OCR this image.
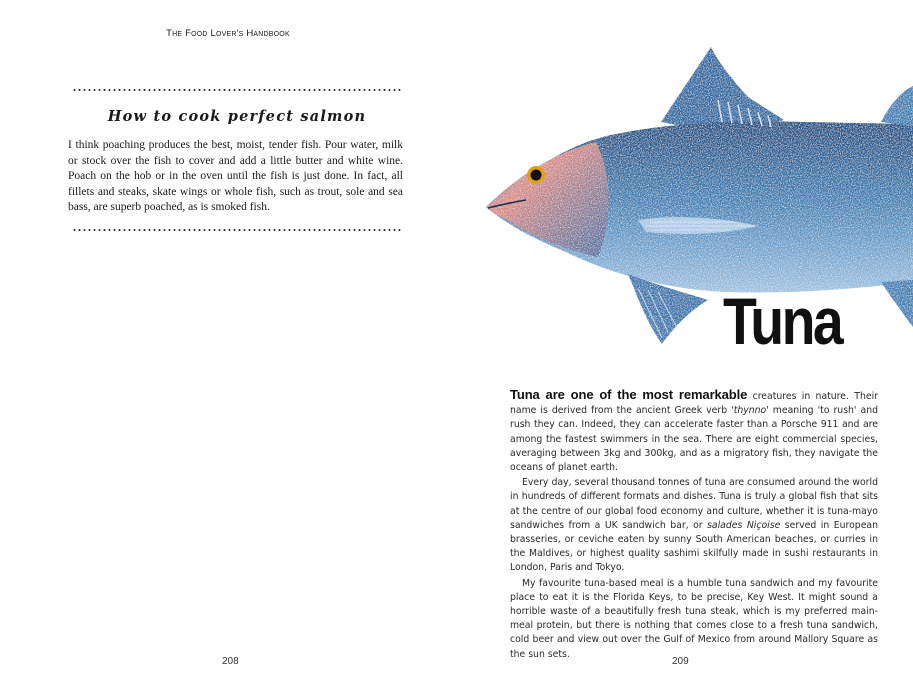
The Food Lover's Handbook
How to cook perfect salmon

I think poaching produces the best, moist, tender fish. Pour water, milk or stock over the fish to cover and add a little butter and white wine. Poach on the hob or in the oven until the fish is just done. In fact, all fillets and steaks, skate wings or whole fish, such as trout, sole and sea bass, are superb poached, as is smoked fish.

208
Tuna

Tuna are one of the most remarkable creatures in nature. Their name is derived from the ancient Greek verb 'thynno' meaning 'to rush' and rush they can. Indeed, they can accelerate faster than a Porsche 911 and are among the fastest swimmers in the sea. There are eight commercial species, averaging between 3kg and 300kg, and as a migratory fish, they navigate the oceans of planet earth.

Every day, several thousand tonnes of tuna are consumed around the world in hundreds of different formats and dishes. Tuna is truly a global fish that sits at the centre of our global food economy and culture, whether it is tuna-mayo sandwiches from a UK sandwich bar, or salades Niçoise served in European brasseries, or ceviche eaten by sunny South American beaches, or curries in the Maldives, or highest quality sashimi skilfully made in sushi restaurants in London, Paris and Tokyo.

My favourite tuna-based meal is a humble tuna sandwich and my favourite place to eat it is the Florida Keys, to be precise, Key West. It might sound a horrible waste of a beautifully fresh tuna steak, which is my preferred main-meal protein, but there is nothing that comes close to a fresh tuna sandwich, cold beer and view out over the Gulf of Mexico from around Mallory Square as the sun sets.

209
